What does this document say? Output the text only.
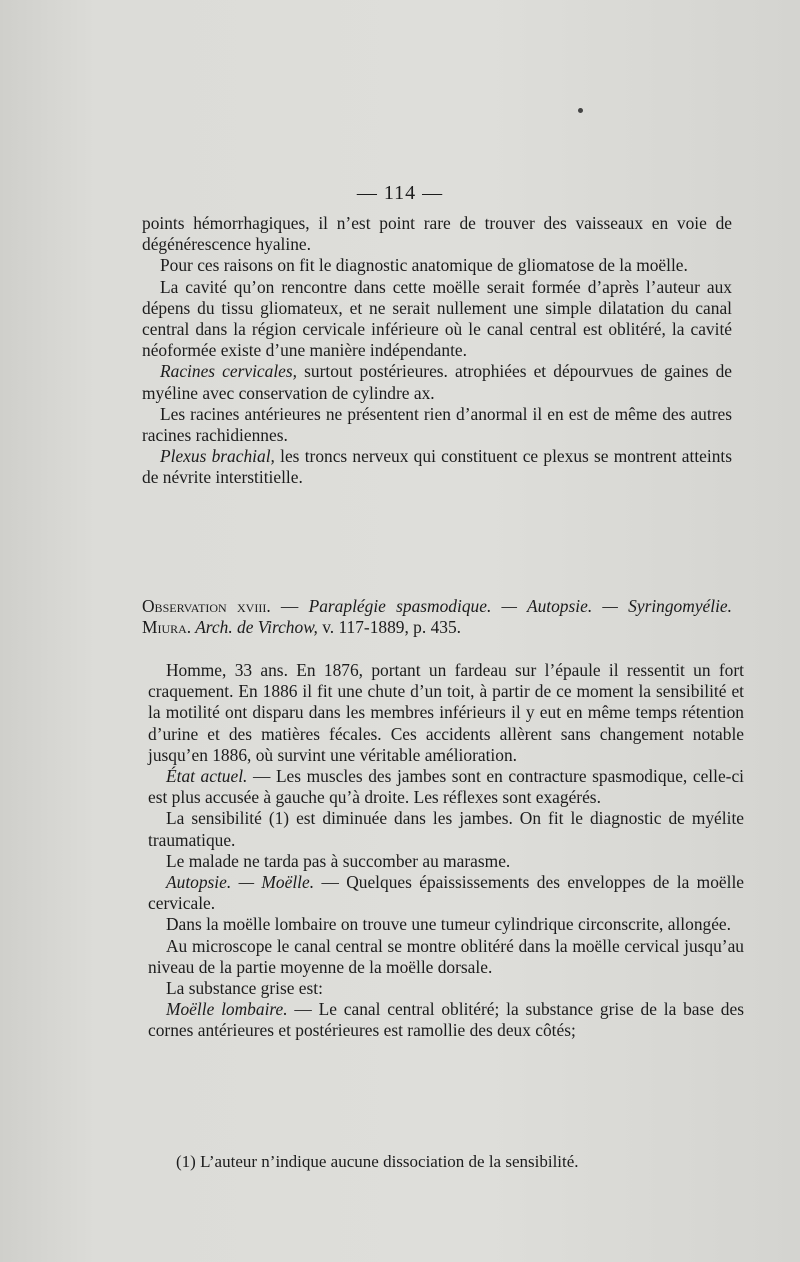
— 114 —

points hémorrhagiques, il n’est point rare de trouver des vaisseaux en voie de dégénérescence hyaline.

Pour ces raisons on fit le diagnostic anatomique de gliomatose de la moëlle.

La cavité qu’on rencontre dans cette moëlle serait formée d’après l’auteur aux dépens du tissu gliomateux, et ne serait nullement une simple dilatation du canal central dans la région cervicale inférieure où le canal central est oblitéré, la cavité néoformée existe d’une manière indépendante.

Racines cervicales, surtout postérieures. atrophiées et dépourvues de gaines de myéline avec conservation de cylindre ax.

Les racines antérieures ne présentent rien d’anormal il en est de même des autres racines rachidiennes.

Plexus brachial, les troncs nerveux qui constituent ce plexus se montrent atteints de névrite interstitielle.

Observation xviii. — Paraplégie spasmodique. — Autopsie. — Syringomyélie. Miura. Arch. de Virchow, v. 117-1889, p. 435.

Homme, 33 ans. En 1876, portant un fardeau sur l’épaule il ressentit un fort craquement. En 1886 il fit une chute d’un toit, à partir de ce moment la sensibilité et la motilité ont disparu dans les membres inférieurs il y eut en même temps rétention d’urine et des matières fécales. Ces accidents allèrent sans changement notable jusqu’en 1886, où survint une véritable amélioration.

État actuel. — Les muscles des jambes sont en contracture spasmodique, celle-ci est plus accusée à gauche qu’à droite. Les réflexes sont exagérés.

La sensibilité (1) est diminuée dans les jambes. On fit le diagnostic de myélite traumatique.

Le malade ne tarda pas à succomber au marasme.

Autopsie. — Moëlle. — Quelques épaississements des enveloppes de la moëlle cervicale.

Dans la moëlle lombaire on trouve une tumeur cylindrique circonscrite, allongée.

Au microscope le canal central se montre oblitéré dans la moëlle cervical jusqu’au niveau de la partie moyenne de la moëlle dorsale.

La substance grise est:

Moëlle lombaire. — Le canal central oblitéré; la substance grise de la base des cornes antérieures et postérieures est ramollie des deux côtés;

(1) L’auteur n’indique aucune dissociation de la sensibilité.
